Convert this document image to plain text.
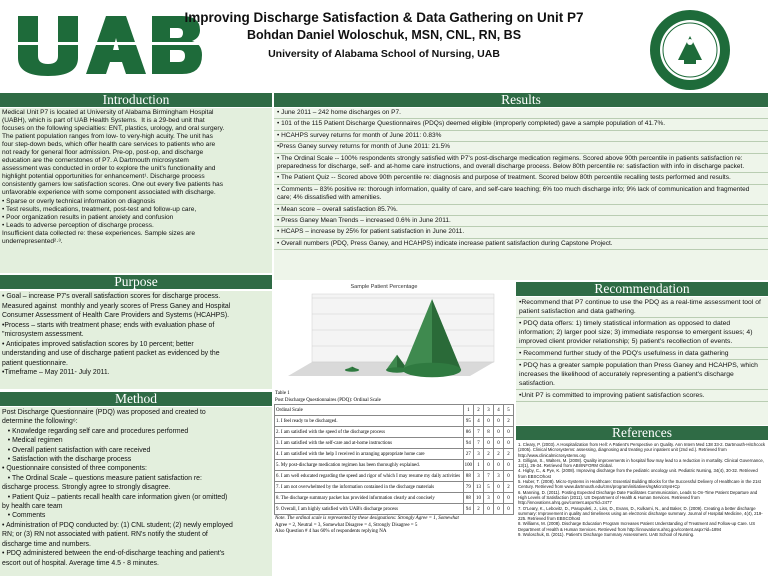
Improving Discharge Satisfaction & Data Gathering on Unit P7
Bohdan Daniel Woloschuk, MSN, CNL, RN, BS
University of Alabama School of Nursing, UAB
Introduction

Medical Unit P7 is located at University of Alabama Birmingham Hospital

(UABH), which is part of UAB Health Systems.  It is a 29-bed unit that

focuses on the following specialties: ENT, plastics, urology, and oral surgery.

The patient population ranges from low- to very-high acuity. The unit has

four step-down beds, which offer health care services to patients who are

not ready for general floor admission. Pre-op, post-op, and discharge

education are the cornerstones of P7. A Dartmouth microsystem

assessment was conducted in order to explore the unit's functionality and

highlight potential opportunities for enhancement¹. Discharge process

consistently garners low satisfaction scores. One out every five patients has

unfavorable experience with some component associated with discharge.

• Sparse or overly technical information on diagnosis

• Test results, medications, treatment, post-test and follow-up care,

• Poor organization results in patient anxiety and confusion

• Leads to adverse perception of discharge process.

Insufficient data collected re: these experiences. Sample sizes are

underrepresented²·³.

Purpose

• Goal – increase P7's overall satisfaction scores for discharge process.

Measured against  monthly and yearly scores of Press Ganey and Hospital

Consumer Assessment of Health Care Providers and Systems (HCAHPS).

•Process – starts with treatment phase; ends with evaluation phase of

"microsystem assessment.

• Anticipates improved satisfaction scores by 10 percent; better

understanding and use of discharge patient packet as evidenced by the

patient questionnaire.

•Timeframe – May 2011- July 2011.

Method

Post Discharge Questionnaire (PDQ) was proposed and created to

determine the following⁶:

• Knowledge regarding self care and procedures performed

• Medical regimen

• Overall patient satisfaction with care received

• Satisfaction with the discharge process

• Questionnaire consisted of three components:

• The Ordinal Scale – questions measure patient satisfaction re:

discharge process. Strongly agree to strongly disagree.

• Patient Quiz – patients recall health care information given (or omitted)

by health care team

• Comments

• Administration of PDQ conducted by: (1) CNL student; (2) newly employed

RN; or (3) RN not associated with patient. RN's notify the student of

discharge time and numbers.

• PDQ administered between the end-of-discharge teaching and patient's

escort out of hospital. Average time 4.5 - 8 minutes.

Results

• June 2011 – 242 home discharges on P7.

• 101 of the 115 Patient Discharge Questionnaires (PDQs) deemed eligible (improperly completed) gave a sample population of 41.7%.

• HCAHPS survey returns for month of June 2011: 0.83%

•Press Ganey survey returns for month of June 2011: 21.5%

• The Ordinal Scale -- 100% respondents strongly satisfied with P7's post-discharge medication regimens. Scored above 90th percentile in patients satisfaction re: preparedness for discharge, self- and at-home care instructions, and overall discharge process. Below 80th percentile re: satisfaction with info in discharge packet.

• The Patient Quiz -- Scored above 90th percentile re: diagnosis and purpose of treatment. Scored below 80th percentile recalling tests performed and results.

• Comments – 83% positive re: thorough information, quality of care, and self-care teaching; 6% too much discharge info; 9% lack of communication and fragmented care; 4% dissatisfied with amenities.

• Mean score – overall satisfaction 85.7%.

• Press Ganey Mean Trends – increased 0.6% in June 2011.

• HCAPS – increase by 25% for patient satisfaction in June 2011.

• Overall numbers (PDQ, Press Ganey, and HCAHPS) indicate increase patient satisfaction during Capstone Project.

Sample Patient Percentage	Recommendation

•Recommend that P7 continue to use the PDQ as a real-time assessment tool of patient satisfaction and data gathering.

• PDQ data offers: 1) timely statistical information as opposed to dated information; 2) larger pool size; 3) immediate response to emergent issues; 4) improved client provider relationship; 5) patient's recollection of events.

• Recommend further study of the PDQ's usefulness in data gathering

• PDQ has a greater sample population than Press Ganey and HCAHPS, which increases the likelihood of accurately representing a patient's discharge satisfaction.

•Unit P7 is committed to improving patient satisfaction scores.

Table 1
Post Discharge Questionnaires (PDQ): Ordinal Scale
Ordinal Scale	1	2	3	4	5
1. I feel ready to be discharged.	95	4	0	0	2
2. I am satisfied with the speed of the discharge process	86	7	8	0	0
3. I am satisfied with the self-care and at-home instructions	94	7	0	0	0
4. I am satisfied with the help I received in arranging appropriate home care	27	3	2	2	2
5. My post-discharge medication regimen has been thoroughly explained.	100	1	0	0	0
6. I am well educated regarding the speed and rigor of which I may resume my daily activities	88	3	7	3	0
7. I am not overwhelmed by the information contained in the discharge materials	79	13	5	0	2
8. The discharge summary packet has provided information clearly and concisely	88	10	3	0	0
9. Overall, I am highly satisfied with UAB's discharge process	94	2	0	0	0
Note. The ordinal scale is represented by these designations: Strongly Agree = 1, Somewhat
Agree = 2, Neutral = 3, Somewhat Disagree = 4, Strongly Disagree = 5
Also Question # 4 has 60% of respondents replying NA
References

1. Cleary, P. (2003). A Hospitalization from Hell: A Patient's Perspective on Quality. Ann Intern Med 138 33-2. Dartmouth-Hitchcock (2005). Clinical Microsystems: assessing, diagnosing and treating your inpatient unit (2nd ed.). Retrieved from http://www.clinicalmicrosystems.org

3. Gilligan, S., Walters, M. (2008). Quality improvements in hospital flow may lead to a reduction in mortality. Clinical Governance, 13(1), 26-34. Retrieved from ABI/INFORM Global.

4. Higby, C., & Pye, K. (2008). Improving discharge from the pediatric oncology unit. Pediatric Nursing, 34(4), 30-32. Retrieved from EBSCOhost

5. Huber, T. (2008). Micro-Systems in Healthcare: Essential Building Blocks for the Successful Delivery of Healthcare in the 21st Century. Retrieved from www.dartmouth.edu/cms/program/initiatives/ngMicroSysHCp

6. Manning, D. (2011). Posting Expected Discharge Date Facilitates Communication, Leads to On-Time Patient Departure and High Levels of Satisfaction (2011). US Department of Health & Human Services. Retrieved from http://innovations.ahrq.gov/content.aspx?id=2477

7. O'Leary, K., Lebovitz, D., Pasupuleti, J., Liss, D., Evans, D., Kulkarni, N., and Baker, D. (2009). Creating a better discharge summary: Improvement in quality and timeliness using an electronic discharge summary. Journal of Hospital Medicine, 4(4), 219-225. Retrieved from EBSCOhost

8. Williams, M. (2008). Discharge Education Program Increases Patient Understanding of Treatment and Follow-up Care. US Department of Health & Human Services. Retrieved from http://innovations.ahrq.gov/content.aspx?id=1894

9. Woloschuk, B. (2011). Patient's Discharge Summary Assessment. UAB School of Nursing.
